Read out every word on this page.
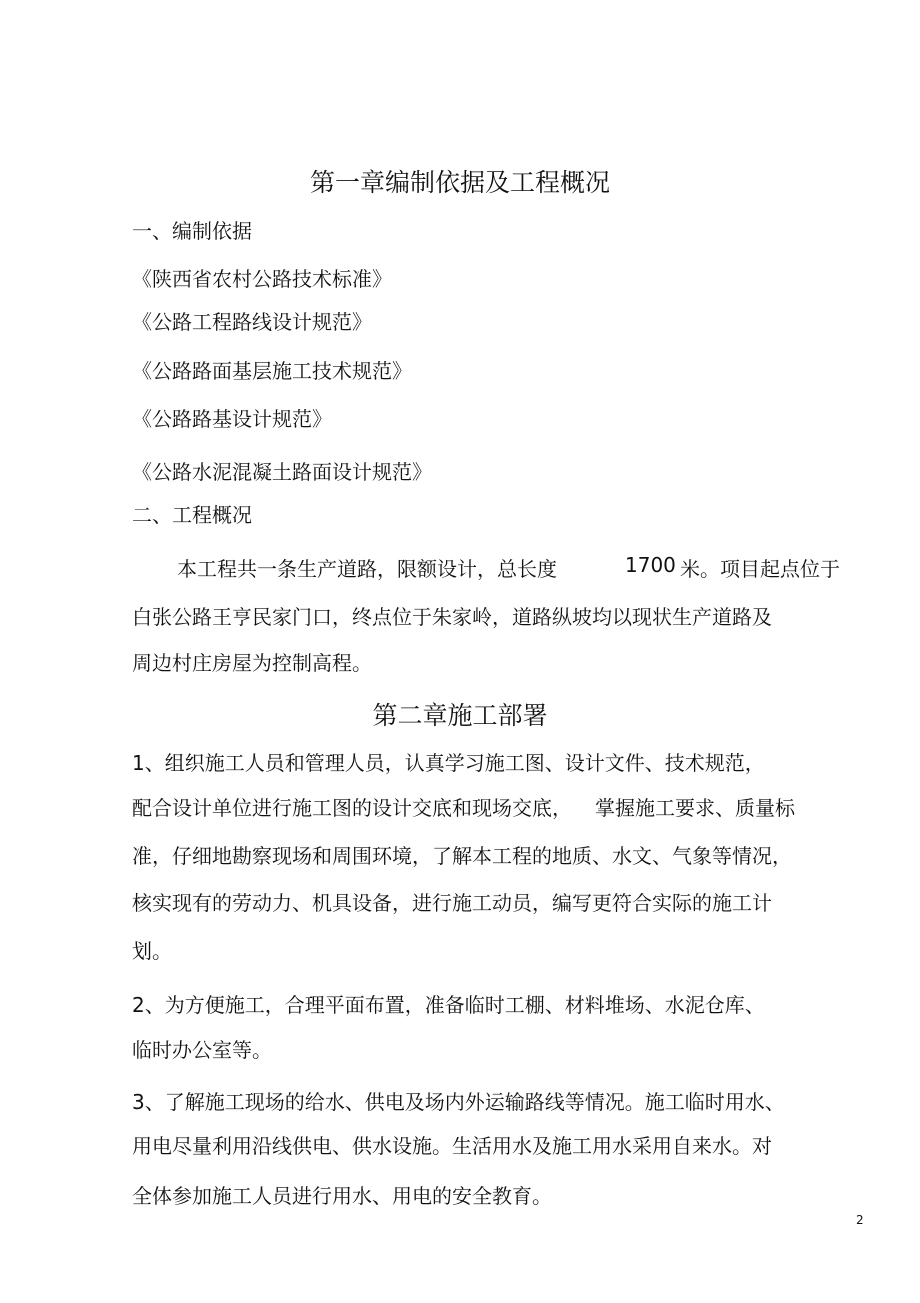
第一章编制依据及工程概况
一、编制依据
《陕西省农村公路技术标准》
《公路工程路线设计规范》
《公路路面基层施工技术规范》
《公路路基设计规范》
《公路水泥混凝土路面设计规范》
二、工程概况
本工程共一条生产道路，限额设计，总长度	1700 米。项目起点位于
白张公路王亨民家门口，终点位于朱家岭，道路纵坡均以现状生产道路及
周边村庄房屋为控制高程。
第二章施工部署
1、组织施工人员和管理人员，认真学习施工图、设计文件、技术规范，
配合设计单位进行施工图的设计交底和现场交底， 掌握施工要求、质量标
准，仔细地勘察现场和周围环境，了解本工程的地质、水文、气象等情况，
核实现有的劳动力、机具设备，进行施工动员，编写更符合实际的施工计
划。
2、为方便施工，合理平面布置，准备临时工棚、材料堆场、水泥仓库、
临时办公室等。
3、了解施工现场的给水、供电及场内外运输路线等情况。施工临时用水、
用电尽量利用沿线供电、供水设施。生活用水及施工用水采用自来水。对
全体参加施工人员进行用水、用电的安全教育。
2
